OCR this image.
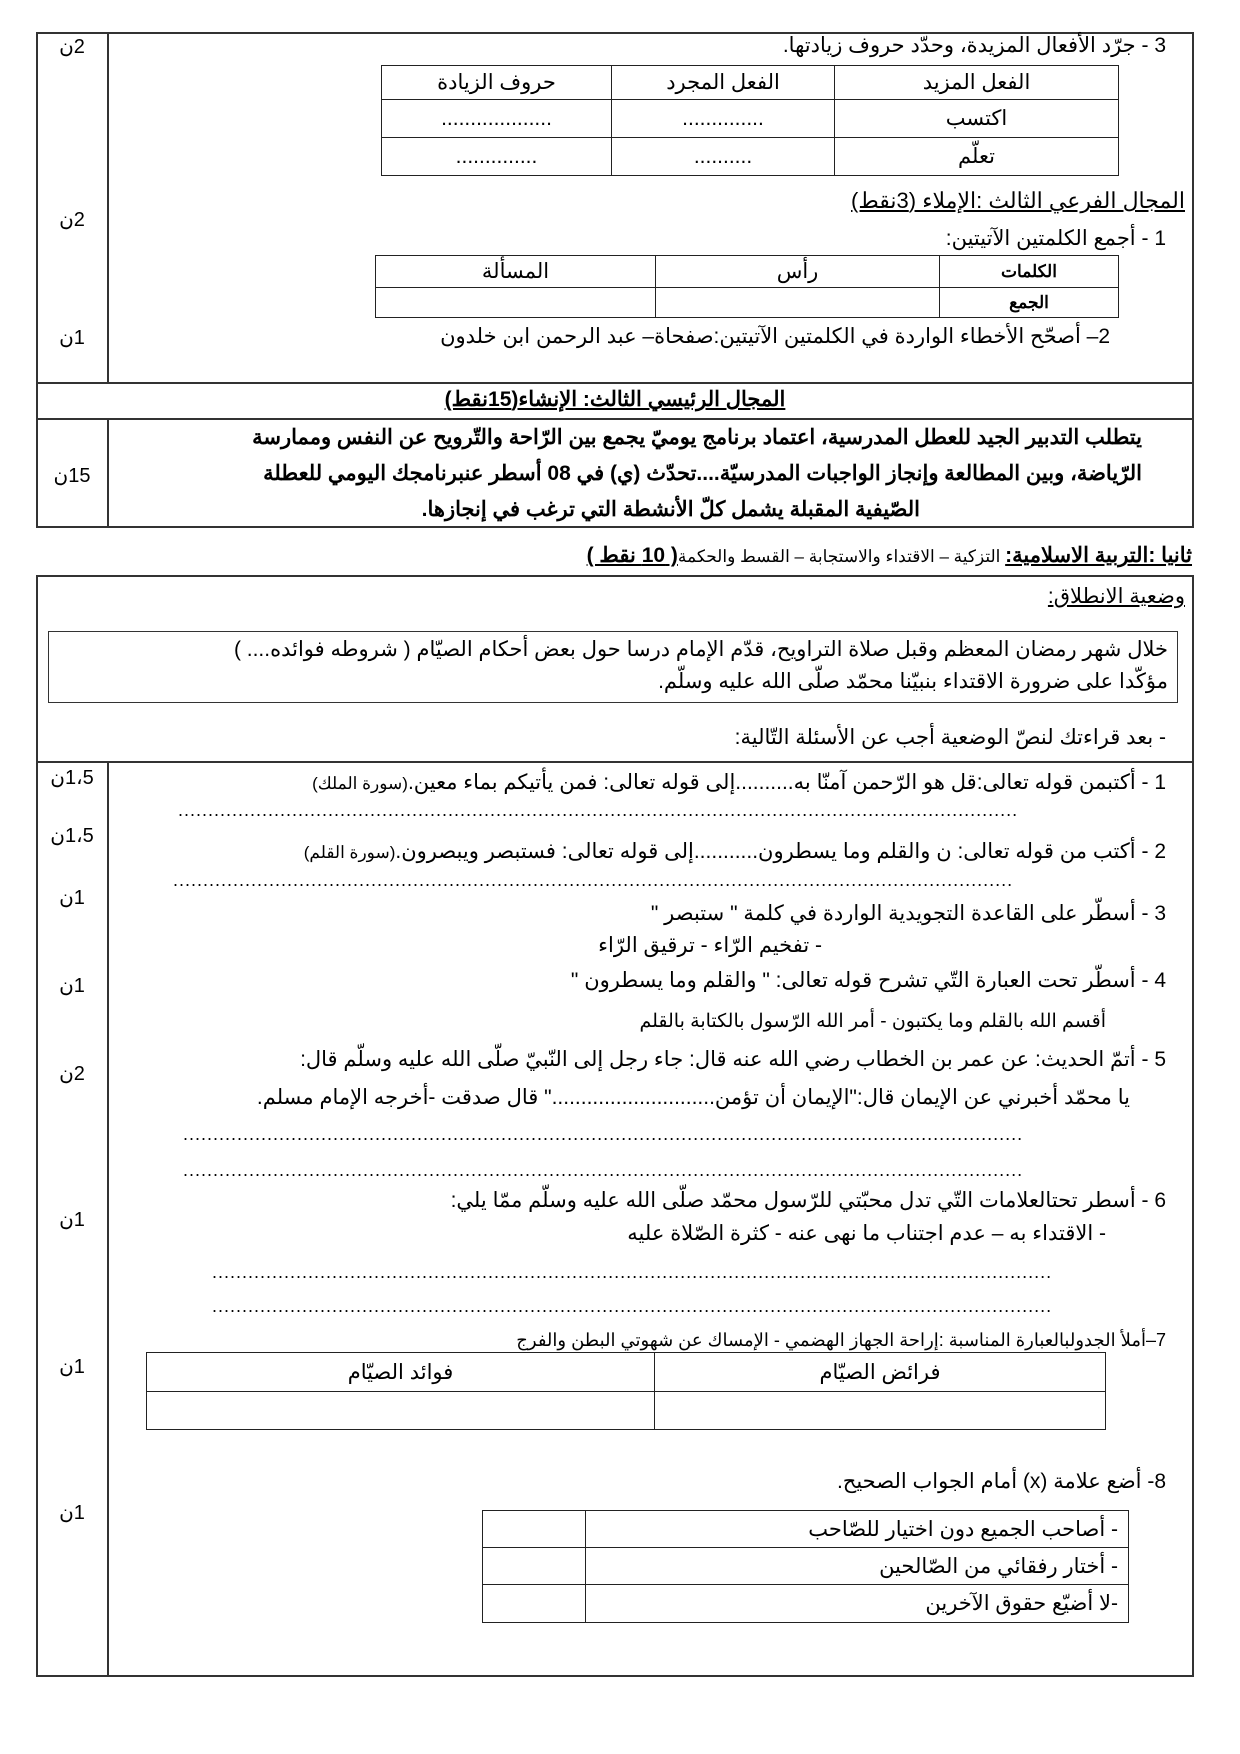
2ن
2ن
1ن
3 - جرّد الأفعال المزيدة، وحدّد حروف زيادتها.
الفعل المزيد	الفعل المجرد	حروف الزيادة
اكتسب	..............	...................
تعلّم	..........	..............
المجال الفرعي الثالث :الإملاء (3نقط)
1 - أجمع الكلمتين الآتيتين:
الكلمات	رأس	المسألة
الجمع		
2– أصحّح الأخطاء الواردة في الكلمتين الآتيتين:صفحاة– عبد الرحمن ابن خلدون
المجال الرئيسي الثالث: الإنشاء(15نقط)
15ن
يتطلب التدبير الجيد للعطل المدرسية، اعتماد برنامج يوميّ يجمع بين الرّاحة والتّرويح عن النفس وممارسة
الرّياضة، وبين المطالعة وإنجاز الواجبات المدرسيّة....تحدّث (ي) في 08 أسطر عنبرنامجك اليومي للعطلة
الصّيفية المقبلة يشمل كلّ الأنشطة التي ترغب في إنجازها.
ثانيا :التربية الاسلامية: التزكية – الاقتداء والاستجابة – القسط والحكمة( 10 نقط )
وضعية الانطلاق:
خلال شهر رمضان المعظم وقبل صلاة التراويح، قدّم الإمام درسا حول بعض أحكام الصيّام ( شروطه فوائده.... )
مؤكّدا على ضرورة الاقتداء بنبيّنا محمّد صلّى الله عليه وسلّم.
- بعد قراءتك لنصّ الوضعية أجب عن الأسئلة التّالية:
1،5ن
1،5ن
1ن
1ن
2ن
1ن
1ن
1ن
1 - أكتبمن قوله تعالى:قل هو الرّحمن آمنّا به..........إلى قوله تعالى: فمن يأتيكم بماء معين.(سورة الملك)
............................................................................................................................................
2 - أكتب من قوله تعالى: ن والقلم وما يسطرون...........إلى قوله تعالى: فستبصر ويبصرون.(سورة القلم)
............................................................................................................................................
3 - أسطّر على القاعدة التجويدية الواردة في كلمة " ستبصر "
- تفخيم الرّاء - ترقيق الرّاء
4 - أسطّر تحت العبارة التّي تشرح قوله تعالى: " والقلم وما يسطرون "
أقسم الله بالقلم وما يكتبون - أمر الله الرّسول بالكتابة بالقلم
5 - أتمّ الحديث: عن عمر بن الخطاب رضي الله عنه قال: جاء رجل إلى النّبيّ صلّى الله عليه وسلّم قال:
يا محمّد أخبرني عن الإيمان قال:"الإيمان أن تؤمن............................" قال صدقت -أخرجه الإمام مسلم.
............................................................................................................................................
............................................................................................................................................
6 - أسطر تحتالعلامات التّي تدل محبّتي للرّسول محمّد صلّى الله عليه وسلّم ممّا يلي:
- الاقتداء به – عدم اجتناب ما نهى عنه - كثرة الصّلاة عليه
............................................................................................................................................
............................................................................................................................................
7–أملأ الجدولبالعبارة المناسبة :إراحة الجهاز الهضمي - الإمساك عن شهوتي البطن والفرج
فرائض الصيّام	فوائد الصيّام

8- أضع علامة (x) أمام الجواب الصحيح.
- أصاحب الجميع دون اختيار للصّاحب	
- أختار رفقائي من الصّالحين	
-لا أضيّع حقوق الآخرين	
